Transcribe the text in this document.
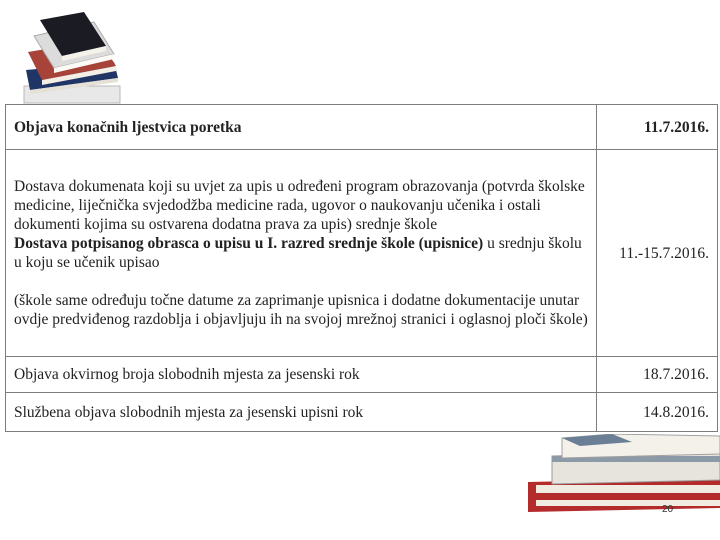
Objava konačnih ljestvica poretka	11.7.2016.

Dostava dokumenata koji su uvjet za upis u određeni program obrazovanja (potvrda školske medicine, liječnička svjedodžba medicine rada, ugovor o naukovanju učenika i ostali dokumenti kojima su ostvarena dodatna prava za upis) srednje škole
Dostava potpisanog obrasca o upisu u I. razred srednje škole (upisnice) u srednju školu u koju se učenik upisao
(škole same određuju točne datume za zaprimanje upisnica i dodatne dokumentacije unutar ovdje predviđenog razdoblja i objavljuju ih na svojoj mrežnoj stranici i oglasnoj ploči škole)	11.-15.7.2016.
Objava okvirnog broja slobodnih mjesta za jesenski rok	18.7.2016.
Službena objava slobodnih mjesta za jesenski upisni rok	14.8.2016.
20
